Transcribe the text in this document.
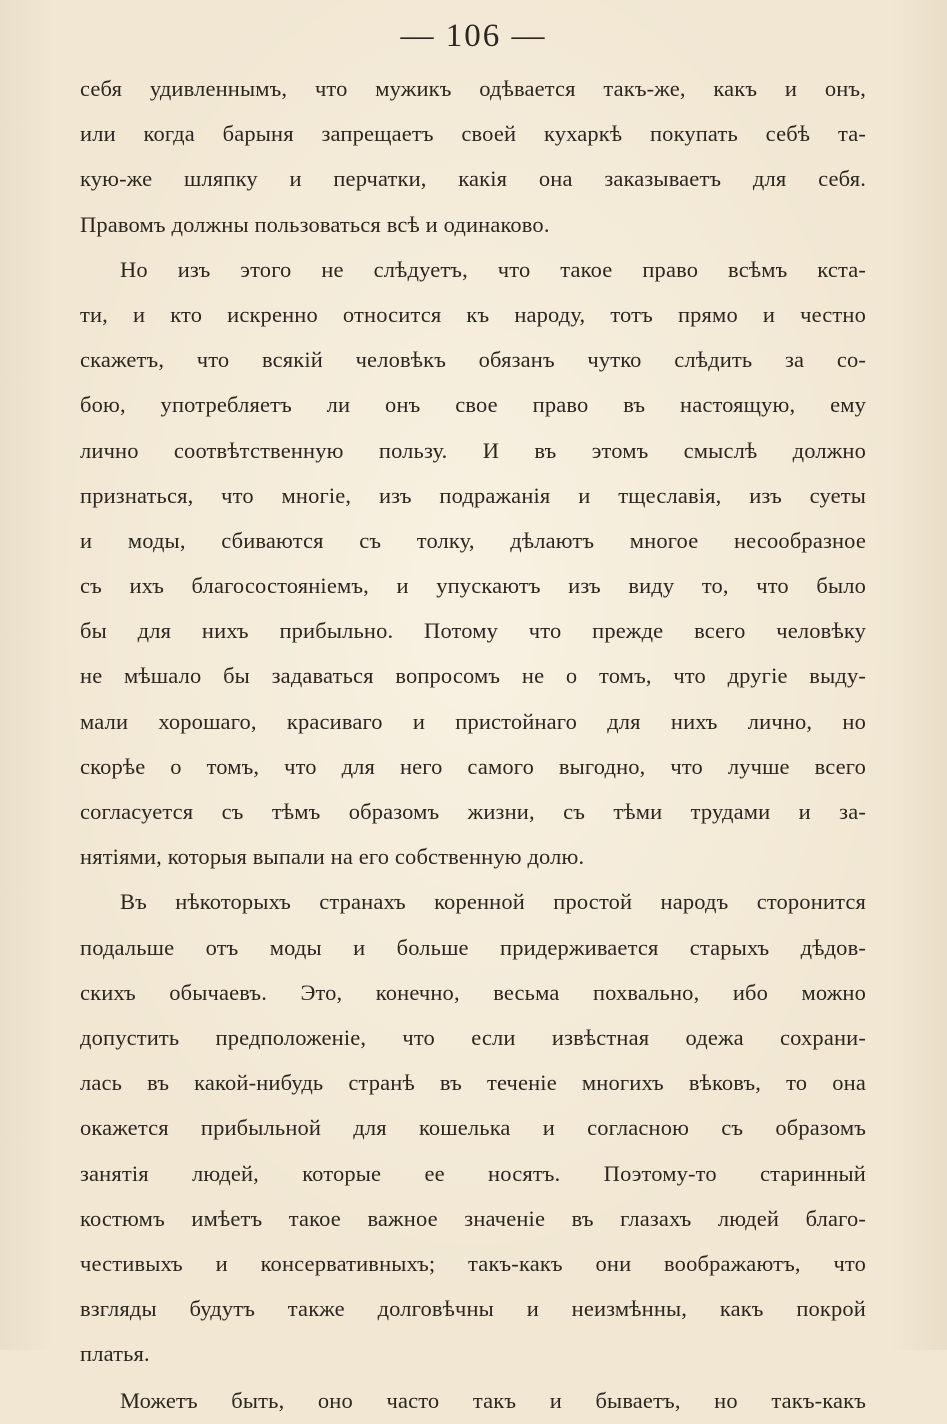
— 106 —
себя удивленнымъ, что мужикъ одѣвается такъ-же, какъ и онъ,
или когда барыня запрещаетъ своей кухаркѣ покупать себѣ та-
кую-же шляпку и перчатки, какія она заказываетъ для себя.
Правомъ должны пользоваться всѣ и одинаково.
Но изъ этого не слѣдуетъ, что такое право всѣмъ кста-
ти, и кто искренно относится къ народу, тотъ прямо и честно
скажетъ, что всякій человѣкъ обязанъ чутко слѣдить за со-
бою, употребляетъ ли онъ свое право въ настоящую, ему
лично соотвѣтственную пользу. И въ этомъ смыслѣ должно
признаться, что многіе, изъ подражанія и тщеславія, изъ суеты
и моды, сбиваются съ толку, дѣлаютъ многое несообразное
съ ихъ благосостояніемъ, и упускаютъ изъ виду то, что было
бы для нихъ прибыльно. Потому что прежде всего человѣку
не мѣшало бы задаваться вопросомъ не о томъ, что другіе выду-
мали хорошаго, красиваго и пристойнаго для нихъ лично, но
скорѣе о томъ, что для него самого выгодно, что лучше всего
согласуется съ тѣмъ образомъ жизни, съ тѣми трудами и за-
нятіями, которыя выпали на его собственную долю.
Въ нѣкоторыхъ странахъ коренной простой народъ сторонится
подальше отъ моды и больше придерживается старыхъ дѣдов-
скихъ обычаевъ. Это, конечно, весьма похвально, ибо можно
допустить предположеніе, что если извѣстная одежа сохрани-
лась въ какой-нибудь странѣ въ теченіе многихъ вѣковъ, то она
окажется прибыльной для кошелька и согласною съ образомъ
занятія людей, которые ее носятъ. Поэтому-то старинный
костюмъ имѣетъ такое важное значеніе въ глазахъ людей благо-
честивыхъ и консервативныхъ; такъ-какъ они воображаютъ, что
взгляды будутъ также долговѣчны и неизмѣнны, какъ покрой
платья.
Можетъ быть, оно часто такъ и бываетъ, но такъ-какъ
